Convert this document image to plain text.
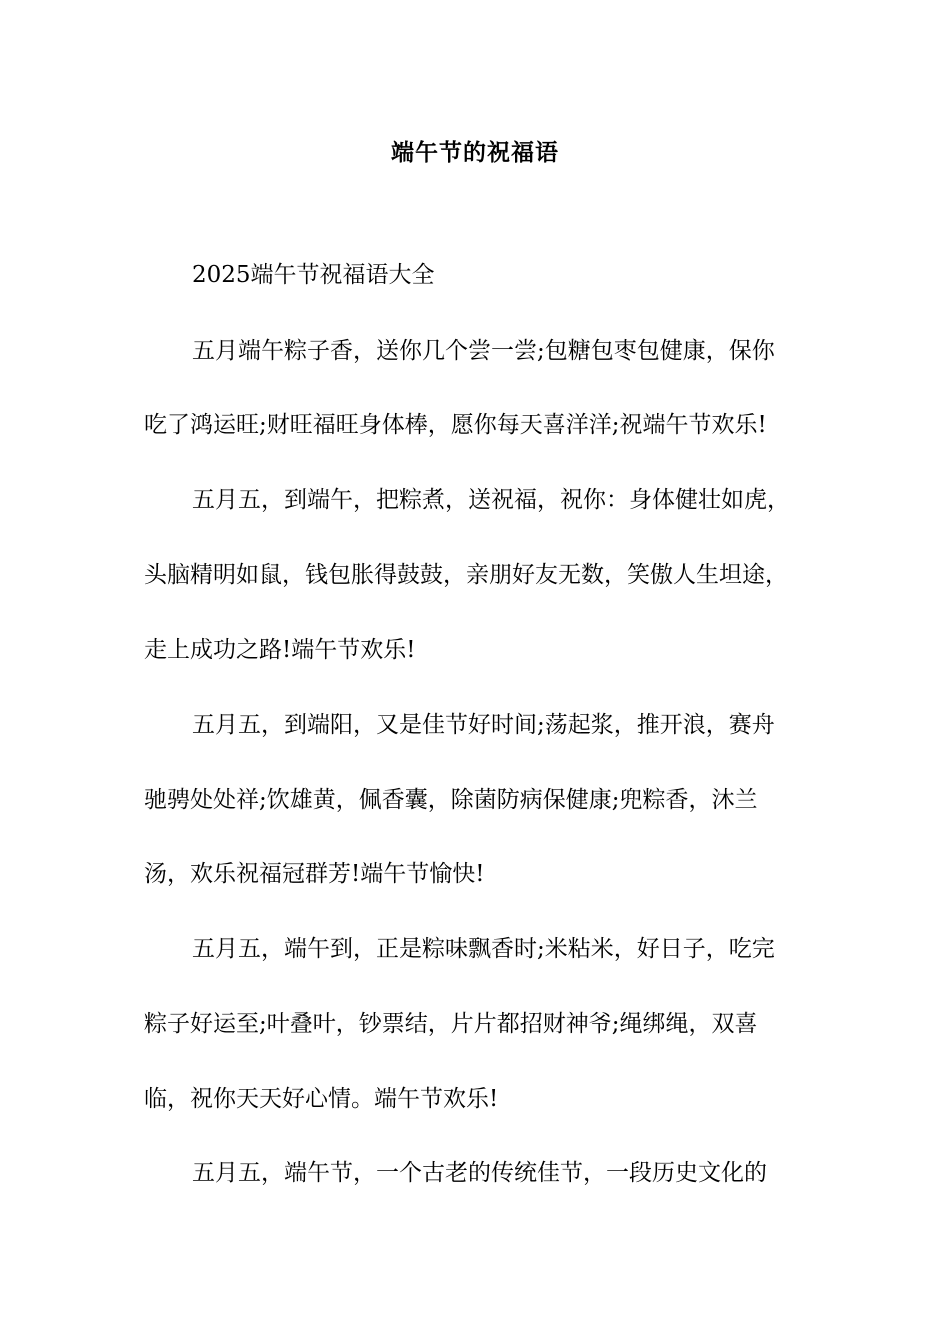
端午节的祝福语
2025端午节祝福语大全
五月端午粽子香，送你几个尝一尝;包糖包枣包健康，保你
吃了鸿运旺;财旺福旺身体棒，愿你每天喜洋洋;祝端午节欢乐!
五月五，到端午，把粽煮，送祝福，祝你：身体健壮如虎，
头脑精明如鼠，钱包胀得鼓鼓，亲朋好友无数，笑傲人生坦途，
走上成功之路!端午节欢乐!
五月五，到端阳，又是佳节好时间;荡起浆，推开浪，赛舟
驰骋处处祥;饮雄黄，佩香囊，除菌防病保健康;兜粽香，沐兰
汤，欢乐祝福冠群芳!端午节愉快!
五月五，端午到，正是粽味飘香时;米粘米，好日子，吃完
粽子好运至;叶叠叶，钞票结，片片都招财神爷;绳绑绳，双喜
临，祝你天天好心情。端午节欢乐!
五月五，端午节，一个古老的传统佳节，一段历史文化的
